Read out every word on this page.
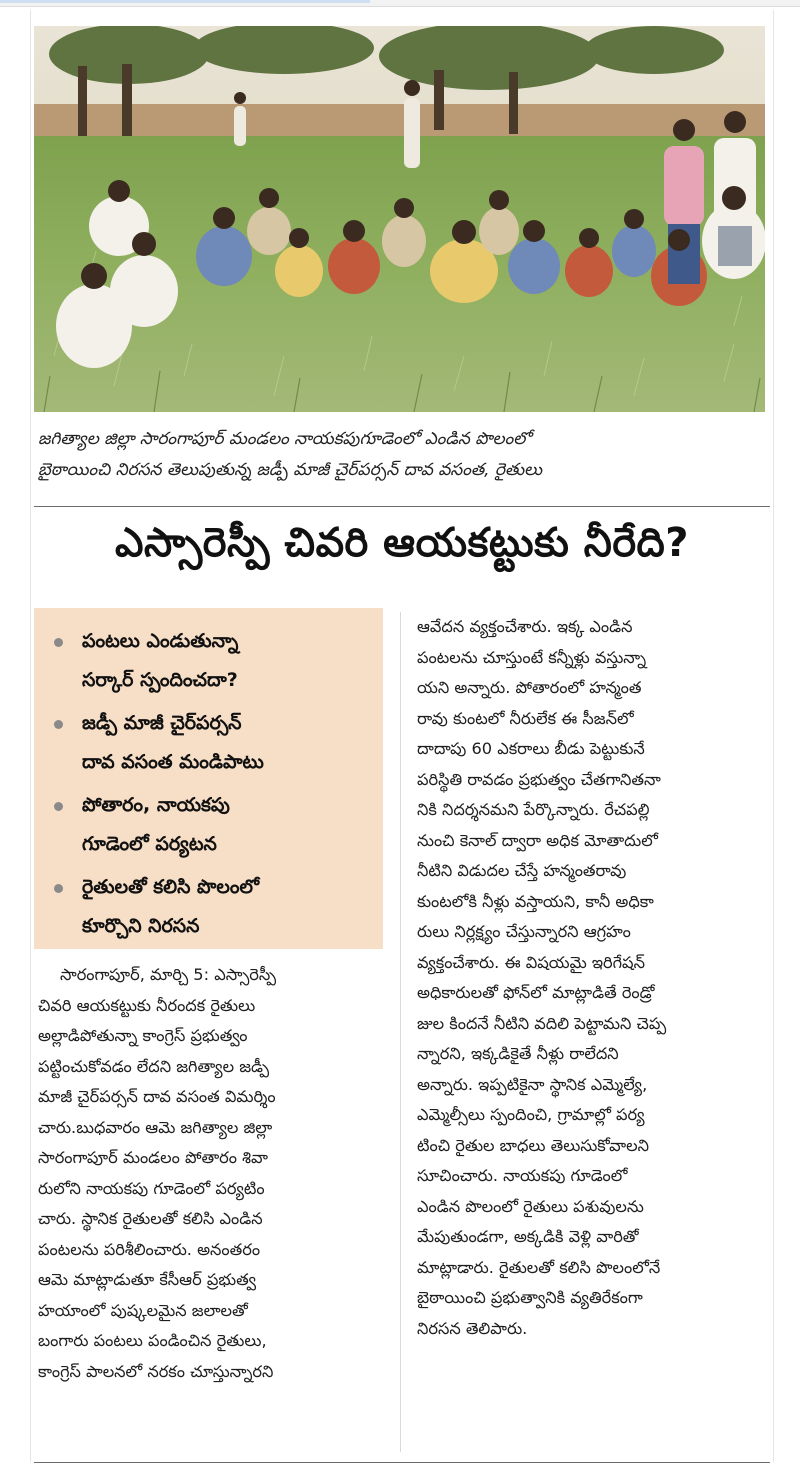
జగిత్యాల జిల్లా సారంగాపూర్ మండలం నాయకపుగూడెంలో ఎండిన పొలంలో

బైఠాయించి నిరసన తెలుపుతున్న జడ్పీ మాజీ చైర్‌పర్సన్ దావ వసంత, రైతులు

ఎస్సారెస్పీ చివరి ఆయకట్టుకు నీరేది?
పంటలు ఎండుతున్నా
సర్కార్ స్పందించదా?
జడ్పీ మాజీ చైర్‌పర్సన్
దావ వసంత మండిపాటు
పోతారం, నాయకపు
గూడెంలో పర్యటన
రైతులతో కలిసి పొలంలో
కూర్చొని నిరసన

సారంగాపూర్, మార్చి 5: ఎస్సారెస్పీ

చివరి ఆయకట్టుకు నీరందక రైతులు

అల్లాడిపోతున్నా కాంగ్రెస్ ప్రభుత్వం

పట్టించుకోవడం లేదని జగిత్యాల జడ్పీ

మాజీ చైర్‌పర్సన్ దావ వసంత విమర్శిం

చారు.బుధవారం ఆమె జగిత్యాల జిల్లా

సారంగాపూర్ మండలం పోతారం శివా

రులోని నాయకపు గూడెంలో పర్యటిం

చారు. స్థానిక రైతులతో కలిసి ఎండిన

పంటలను పరిశీలించారు. అనంతరం

ఆమె మాట్లాడుతూ కేసీఆర్ ప్రభుత్వ

హయాంలో పుష్కలమైన జలాలతో

బంగారు పంటలు పండించిన రైతులు,

కాంగ్రెస్ పాలనలో నరకం చూస్తున్నారని

ఆవేదన వ్యక్తంచేశారు. ఇక్క ఎండిన

పంటలను చూస్తుంటే కన్నీళ్లు వస్తున్నా

యని అన్నారు. పోతారంలో హన్మంత

రావు కుంటలో నీరులేక ఈ సీజన్‌లో

దాదాపు 60 ఎకరాలు బీడు పెట్టుకునే

పరిస్థితి రావడం ప్రభుత్వం చేతగానితనా

నికి నిదర్శనమని పేర్కొన్నారు. రేచపల్లి

నుంచి కెనాల్ ద్వారా అధిక మోతాదులో

నీటిని విడుదల చేస్తే హన్మంతరావు

కుంటలోకి నీళ్లు వస్తాయని, కానీ అధికా

రులు నిర్లక్ష్యం చేస్తున్నారని ఆగ్రహం

వ్యక్తంచేశారు. ఈ విషయమై ఇరిగేషన్

అధికారులతో ఫోన్‌లో మాట్లాడితే రెండ్రో

జుల కిందనే నీటిని వదిలి పెట్టామని చెప్ప

న్నారని, ఇక్కడికైతే నీళ్లు రాలేదని

అన్నారు. ఇప్పటికైనా స్థానిక ఎమ్మెల్యే,

ఎమ్మెల్సీలు స్పందించి, గ్రామాల్లో పర్య

టించి రైతుల బాధలు తెలుసుకోవాలని

సూచించారు. నాయకపు గూడెంలో

ఎండిన పొలంలో రైతులు పశువులను

మేపుతుండగా, అక్కడికి వెళ్లి వారితో

మాట్లాడారు. రైతులతో కలిసి పొలంలోనే

బైఠాయించి ప్రభుత్వానికి వ్యతిరేకంగా

నిరసన తెలిపారు.
